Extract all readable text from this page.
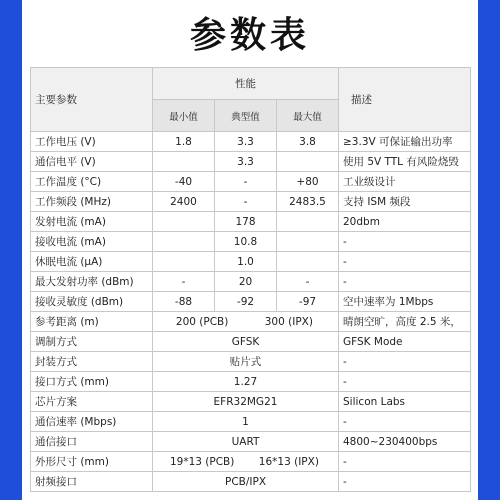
参数表
主要参数	性能			描述
	最小值	典型值	最大值	
工作电压 (V)	1.8	3.3	3.8	≥3.3V 可保证输出功率
通信电平 (V)		3.3		使用 5V TTL 有风险烧毁
工作温度 (°C)	-40	-	+80	工业级设计
工作频段 (MHz)	2400	-	2483.5	支持 ISM 频段
发射电流 (mA)		178		20dbm
接收电流 (mA)		10.8		-
休眠电流 (μA)		1.0		-
最大发射功率 (dBm)	-	20	-	-
接收灵敏度 (dBm)	-88	-92	-97	空中速率为 1Mbps
参考距离 (m)	200 (PCB) 300 (IPX)			晴朗空旷，高度 2.5 米，
调制方式	GFSK			GFSK Mode
封装方式	贴片式			-
接口方式 (mm)	1.27			-
芯片方案	EFR32MG21			Silicon Labs
通信速率 (Mbps)	1			-
通信接口	UART			4800~230400bps
外形尺寸 (mm)	19*13 (PCB) 16*13 (IPX)			-
射频接口	PCB/IPX			-
